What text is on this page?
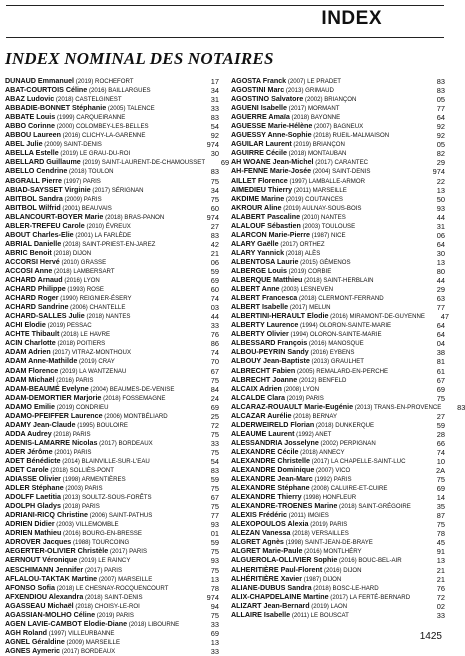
INDEX
INDEX NOMINAL DES NOTAIRES
DUNAUD Emmanuel (2019) ROCHEFORT	17
ABAT-COURTOIS Céline (2016) BAILLARGUES	34
ABAZ Ludovic (2018) CASTELGINEST	31
ABBADIE-BONNET Stéphanie (2005) TALENCE	33
ABBATE Louis (1999) CARQUEIRANNE	83
ABBO Corinne (2000) COLOMBEY-LES-BELLES	54
ABBOU Laureen (2016) CLICHY-LA-GARENNE	92
ABEL Julie (2009) SAINT-DENIS	974
ABELLA Estelle (2019) LE GRAU-DU-ROI	30
ABELLARD Guillaume (2019) SAINT-LAURENT-DE-CHAMOUSSET	69
ABELLO Cendrine (2018) TOULON	83
ABGRALL Pierre (1997) PARIS	75
ABIAD-SAYSSET Virginie (2017) SÉRIGNAN	34
ABITBOL Sandra (2009) PARIS	75
ABITBOL Wilfrid (2001) BEAUVAIS	60
ABLANCOURT-BOYER Marie (2018) BRAS-PANON	974
ABLER-TREFEU Carole (2010) ÉVREUX	27
ABOUT Charles-Elie (2001) LA FARLÈDE	83
ABRIAL Danielle (2018) SAINT-PRIEST-EN-JAREZ	42
ABRIC Benoit (2018) DIJON	21
ACCORSI Hervé (2010) GRASSE	06
ACCOSI Anne (2018) LAMBERSART	59
ACHARD Arnaud (2016) LYON	69
ACHARD Philippe (1993) ROSE	60
ACHARD Roger (1990) REIGNIER-ÉSERY	74
ACHARD Sandrine (2006) CHANTELLE	03
ACHARD-SALLES Julie (2018) NANTES	44
ACHI Elodie (2019) PESSAC	33
ACHTE Thibault (2018) LE HAVRE	76
ACIN Charlotte (2018) POITIERS	86
ADAM Adrien (2017) VITRAZ-MONTHOUX	74
ADAM Anne-Mathilde (2019) CRAY	70
ADAM Florence (2019) LA WANTZENAU	67
ADAM Michaël (2016) PARIS	75
ADAM-BEAUMÉ Evelyne (2004) BEAUMES-DE-VENISE	84
ADAM-DEMORTIER Marjorie (2018) FOSSEMAGNE	24
ADAMO Emilie (2019) CONDRIEU	69
ADAMO-PFEIFFER Laurence (2006) MONTBÉLIARD	25
ADAMY Jean-Claude (1995) BOULOIRE	72
ADDA Audrey (2018) PARIS	75
ADENIS-LAMARRE Nicolas (2017) BORDEAUX	33
ADER Jérôme (2001) PARIS	75
ADET Bénédicte (2014) BLAINVILLE-SUR-L'EAU	54
ADET Carole (2018) SOLLIÈS-PONT	83
ADIASSE Olivier (1998) ARMENTIÈRES	59
ADLER Stéphane (2003) PARIS	75
ADOLFF Laetitia (2013) SOULTZ-SOUS-FORÊTS	67
ADOLPH Gladys (2018) PARIS	75
ADRIANI-RICQ Christine (2006) SAINT-PATHUS	77
ADRIEN Didier (2003) VILLEMOMBLE	93
ADRIEN Mathieu (2016) BOURG-EN-BRESSE	01
ADROVER Jacques (1988) TOURCOING	59
AEGERTER-OLIVIER Christèle (2017) PARIS	75
AERNOUT Véronique (2019) LE RAINCY	93
AESCHIMANN Jennifer (2017) PARIS	75
AFLALOU-TAKTAK Martine (2007) MARSEILLE	13
AFONSO Sofia (2018) LE CHESNAY-ROCQUENCOURT	78
AFXENDIOU Alexandra (2018) SAINT-DENIS	974
AGASSEAU Michaël (2018) CHOISY-LE-ROI	94
AGASSIAN-MOLHO Céline (2019) PARIS	75
AGEN LAVIE-CAMBOT Elodie-Diane (2018) LIBOURNE	33
AGH Roland (1997) VILLEURBANNE	69
AGNEL Géraldine (2009) MARSEILLE	13
AGNES Aymeric (2017) BORDEAUX	33
AGOSTA Franck (2007) LE PRADET	83
AGOSTINI Marc (2013) GRIMAUD	83
AGOSTINO Salvatore (2002) BRIANÇON	05
AGUENI Isabelle (2017) MORMANT	77
AGUERRE Amaïa (2018) BAYONNE	64
AGUESSE Marie-Hélène (2007) BAGNEUX	92
AGUESSY Anne-Sophie (2018) RUEIL-MALMAISON	92
AGUILAR Laurent (2019) BRIANÇON	05
AGUIRRE Cécile (2018) MONTAUBAN	82
AH WOANE Jean-Michel (2017) CARANTEC	29
AH-FENNE Marie-Josée (2004) SAINT-DENIS	974
AILLET Florence (1997) LAMBALLE-ARMOR	22
AIMEDIEU Thierry (2011) MARSEILLE	13
AKDIME Marine (2019) COUTANCES	50
AKROUR Aline (2019) AULNAY-SOUS-BOIS	93
ALABERT Pascaline (2010) NANTES	44
ALALOUF Sébastien (2003) TOULOUSE	31
ALARCON Marie-Pierre (1987) NICE	06
ALARY Gaëlle (2017) ORTHEZ	64
ALARY Yannick (2018) ALÈS	30
ALBENTOSA Laurie (2015) GÉMENOS	13
ALBERGE Louis (2019) CORBIE	80
ALBERQUE Matthieu (2018) SAINT-HERBLAIN	44
ALBERT Anne (2003) LESNEVEN	29
ALBERT Francesca (2018) CLERMONT-FERRAND	63
ALBERT Isabelle (2017) MELUN	77
ALBERTINI-HERAULT Elodie (2016) MIRAMONT-DE-GUYENNE	47
ALBERTY Laurence (1994) OLORON-SAINTE-MARIE	64
ALBERTY Olivier (1994) OLORON-SAINTE-MARIE	64
ALBESSARD François (2016) MANOSQUE	04
ALBOU-PEYRIN Sandy (2016) EYBENS	38
ALBOUY Jean-Baptiste (2013) GRAULHET	81
ALBRECHT Fabien (2005) REMALARD-EN-PERCHE	61
ALBRECHT Joanne (2012) BENFELD	67
ALCAIX Adrien (2008) LYON	69
ALCALDE Clara (2019) PARIS	75
ALCARAZ-ROUAULT Marie-Eugénie (2013) TRANS-EN-PROVENCE	83
ALCAZAR Aurélie (2018) BERNAY	27
ALDERWEIRELD Florian (2018) DUNKERQUE	59
ALEAUME Laurent (1992) ANET	28
ALESSANDRIA Josselyne (2002) PERPIGNAN	66
ALEXANDRE Cécile (2018) ANNECY	74
ALEXANDRE Christelle (2017) LA CHAPELLE-SAINT-LUC	10
ALEXANDRE Dominique (2007) VICO	2A
ALEXANDRE Jean-Marc (1992) PARIS	75
ALEXANDRE Stéphane (2008) CALUIRE-ET-CUIRE	69
ALEXANDRE Thierry (1998) HONFLEUR	14
ALEXANDRE-TROENES Marine (2018) SAINT-GRÉGOIRE	35
ALEXIS Frédéric (2011) IMGIES	87
ALEXOPOULOS Alexia (2019) PARIS	75
ALEZAN Vanessa (2018) VERSAILLES	78
ALGRET Agnès (1998) SAINT-JEAN-DE-BRAYE	45
ALGRET Marie-Paule (2016) MONTLHÉRY	91
ALGUEROLA-OLLIVIER Sophie (2016) BOUC-BEL-AIR	13
ALHERITIÈRE Paul-Florent (2016) DIJON	21
ALHÉRITIÈRE Xavier (1987) DIJON	21
ALIANE-DUBUS Sandra (2018) BOSC-LE-HARD	76
ALIX-CHAPDELAINE Martine (2017) LA FERTÉ-BERNARD	72
ALIZART Jean-Bernard (2019) LAON	02
ALLAIRE Isabelle (2011) LE BOUSCAT	33
1425
